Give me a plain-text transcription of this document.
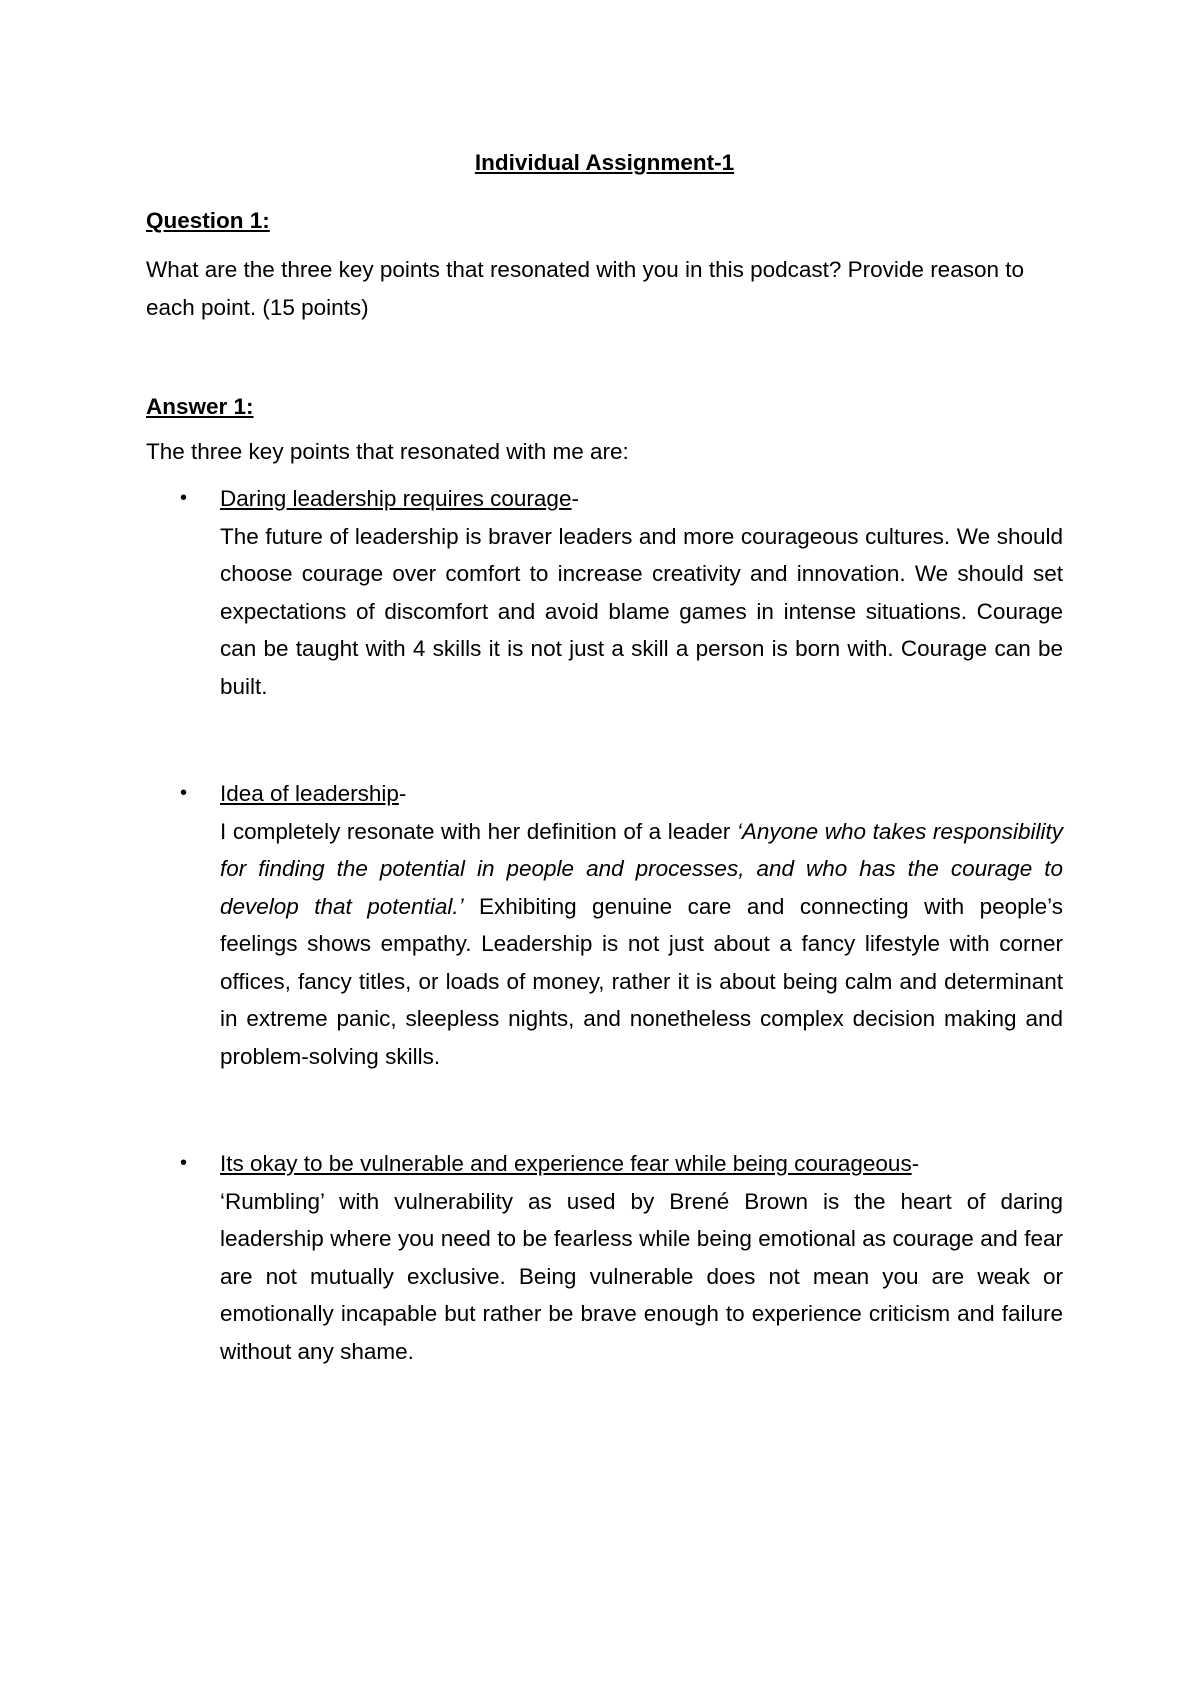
Individual Assignment-1
Question 1:

What are the three key points that resonated with you in this podcast? Provide reason to each point. (15 points)

Answer 1:

The three key points that resonated with me are:

• Daring leadership requires courage-

The future of leadership is braver leaders and more courageous cultures. We should choose courage over comfort to increase creativity and innovation. We should set expectations of discomfort and avoid blame games in intense situations. Courage can be taught with 4 skills it is not just a skill a person is born with. Courage can be built.

• Idea of leadership-

I completely resonate with her definition of a leader ‘Anyone who takes responsibility for finding the potential in people and processes, and who has the courage to develop that potential.’ Exhibiting genuine care and connecting with people’s feelings shows empathy. Leadership is not just about a fancy lifestyle with corner offices, fancy titles, or loads of money, rather it is about being calm and determinant in extreme panic, sleepless nights, and nonetheless complex decision making and problem-solving skills.

• Its okay to be vulnerable and experience fear while being courageous-

‘Rumbling’ with vulnerability as used by Brené Brown is the heart of daring leadership where you need to be fearless while being emotional as courage and fear are not mutually exclusive. Being vulnerable does not mean you are weak or emotionally incapable but rather be brave enough to experience criticism and failure without any shame.
